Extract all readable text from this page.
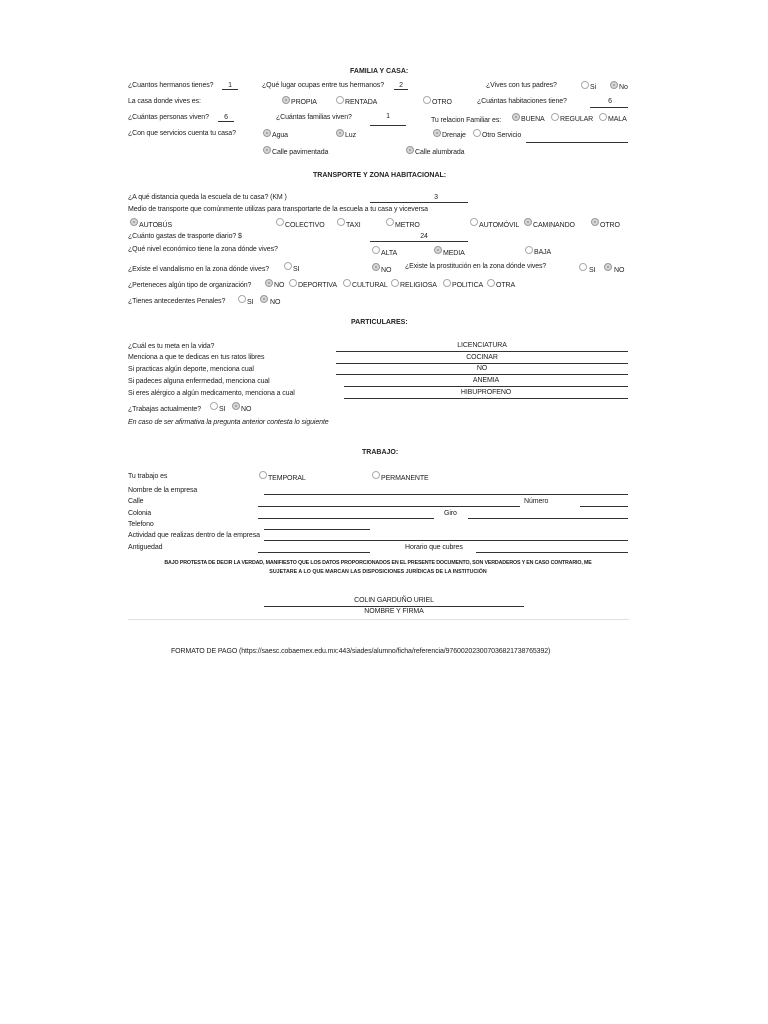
FAMILIA Y CASA:
¿Cuantos hermanos tienes?	1	¿Qué lugar ocupas entre tus hermanos?	2	¿Vives con tus padres?	Si	No
La casa donde vives es:	PROPIA	RENTADA	OTRO	¿Cuántas habitaciones tiene?	6
¿Cuántas personas viven?	6	¿Cuántas familias viven?	1
Tu relacion Familiar es:	BUENA REGULAR MALA
¿Con que servicios cuenta tu casa?	Agua	Luz	Drenaje Otro Servicio
Calle pavimentada	Calle alumbrada
TRANSPORTE Y ZONA HABITACIONAL:
¿A qué distancia queda la escuela de tu casa? (KM )	3
Medio de transporte que comúnmente utilizas para transportarte de la escuela a tu casa y viceversa
AUTOBÚS	COLECTIVO	TAXI	METRO	AUTOMÓVIL CAMINANDO	OTRO
¿Cuánto gastas de trasporte diario? $	24
¿Qué nivel económico tiene la zona dónde vives?
ALTA	MEDIA	BAJA
¿Existe el vandalismo en la zona dónde vives?	SI	NO
¿Existe la prostitución en la zona dónde vives?
SI	NO
¿Perteneces algún tipo de organización?	NO DEPORTIVA CULTURAL RELIGIOSA POLITICA OTRA
¿Tienes antecedentes Penales?	SI NO
PARTICULARES:
¿Cuál es tu meta en la vida?	LICENCIATURA
Menciona a que te dedicas en tus ratos libres	COCINAR
Si practicas algún deporte, menciona cual	NO
Si padeces alguna enfermedad, menciona cual	ANEMIA
Si eres alérgico a algún medicamento, menciona a cual	HIBUPROFENO
¿Trabajas actualmente?	SI NO
En caso de ser afirmativa la pregunta anterior contesta lo siguiente
TRABAJO:
Tu trabajo es	TEMPORAL	PERMANENTE
Nombre de la empresa
Calle	Número
Colonia	Giro
Telefono
Actividad que realizas dentro de la empresa
Antiguedad	Horario que cubres
BAJO PROTESTA DE DECIR LA VERDAD, MANIFIESTO QUE LOS DATOS PROPORCIONADOS EN EL PRESENTE DOCUMENTO, SON VERDADEROS Y EN CASO CONTRARIO, ME
SUJETARE A LO QUE MARCAN LAS DISPOSICIONES JURÍDICAS DE LA INSTITUCIÓN
COLIN GARDUÑO URIEL
NOMBRE Y FIRMA
FORMATO DE PAGO (https://saesc.cobaemex.edu.mx:443/siades/alumno/ficha/referencia/976002023007036821738765392)
